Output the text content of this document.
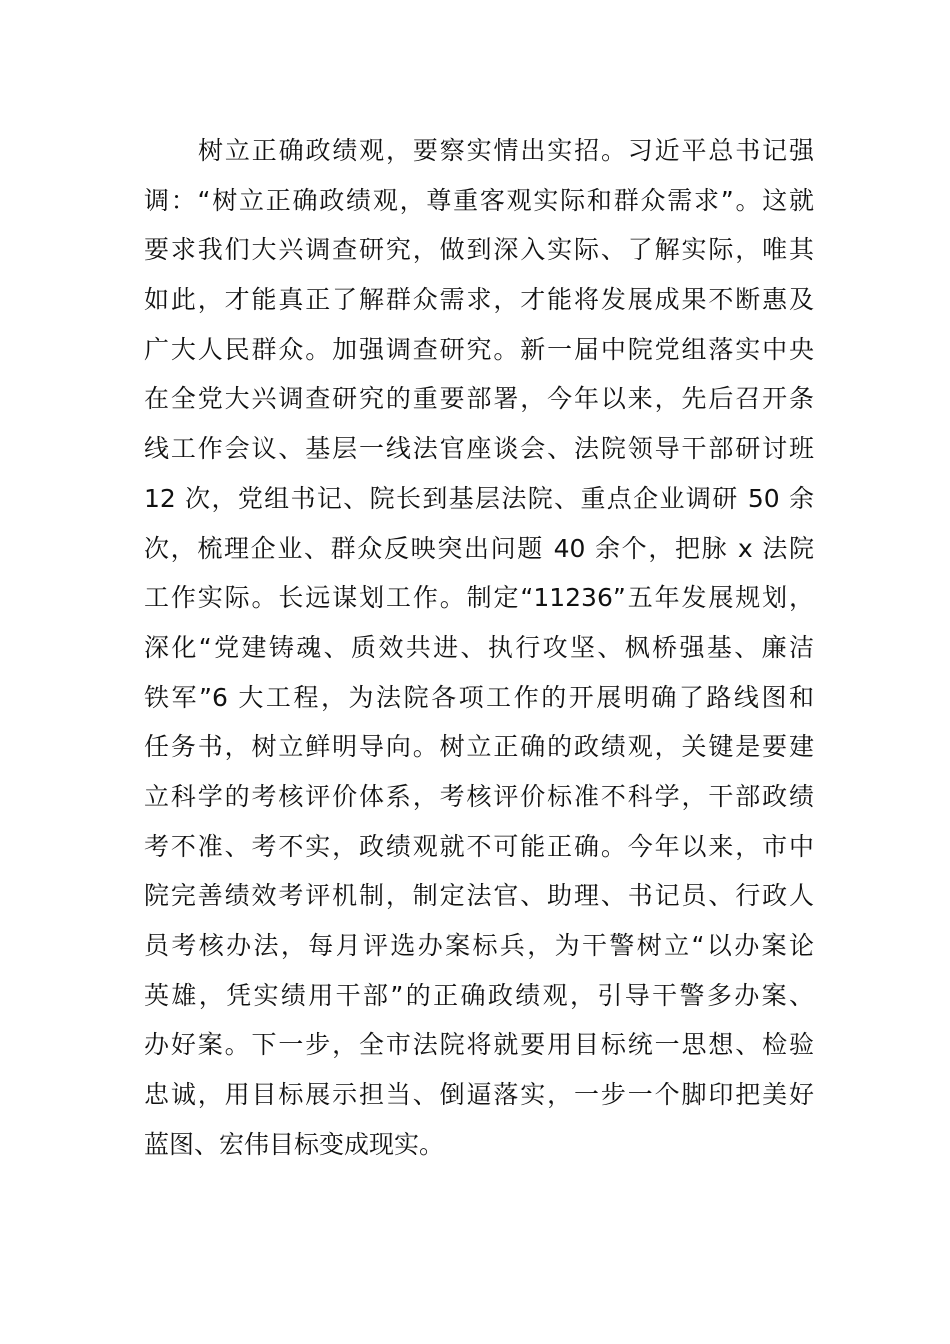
树立正确政绩观，要察实情出实招。习近平总书记强
调：“树立正确政绩观，尊重客观实际和群众需求”。这就
要求我们大兴调查研究，做到深入实际、了解实际，唯其
如此，才能真正了解群众需求，才能将发展成果不断惠及
广大人民群众。加强调查研究。新一届中院党组落实中央
在全党大兴调查研究的重要部署，今年以来，先后召开条
线工作会议、基层一线法官座谈会、法院领导干部研讨班
12 次，党组书记、院长到基层法院、重点企业调研 50 余
次，梳理企业、群众反映突出问题 40 余个，把脉 x 法院
工作实际。长远谋划工作。制定“11236”五年发展规划，
深化“党建铸魂、质效共进、执行攻坚、枫桥强基、廉洁
铁军”6 大工程，为法院各项工作的开展明确了路线图和
任务书，树立鲜明导向。树立正确的政绩观，关键是要建
立科学的考核评价体系，考核评价标准不科学，干部政绩
考不准、考不实，政绩观就不可能正确。今年以来，市中
院完善绩效考评机制，制定法官、助理、书记员、行政人
员考核办法，每月评选办案标兵，为干警树立“以办案论
英雄，凭实绩用干部”的正确政绩观，引导干警多办案、
办好案。下一步，全市法院将就要用目标统一思想、检验
忠诚，用目标展示担当、倒逼落实，一步一个脚印把美好
蓝图、宏伟目标变成现实。
